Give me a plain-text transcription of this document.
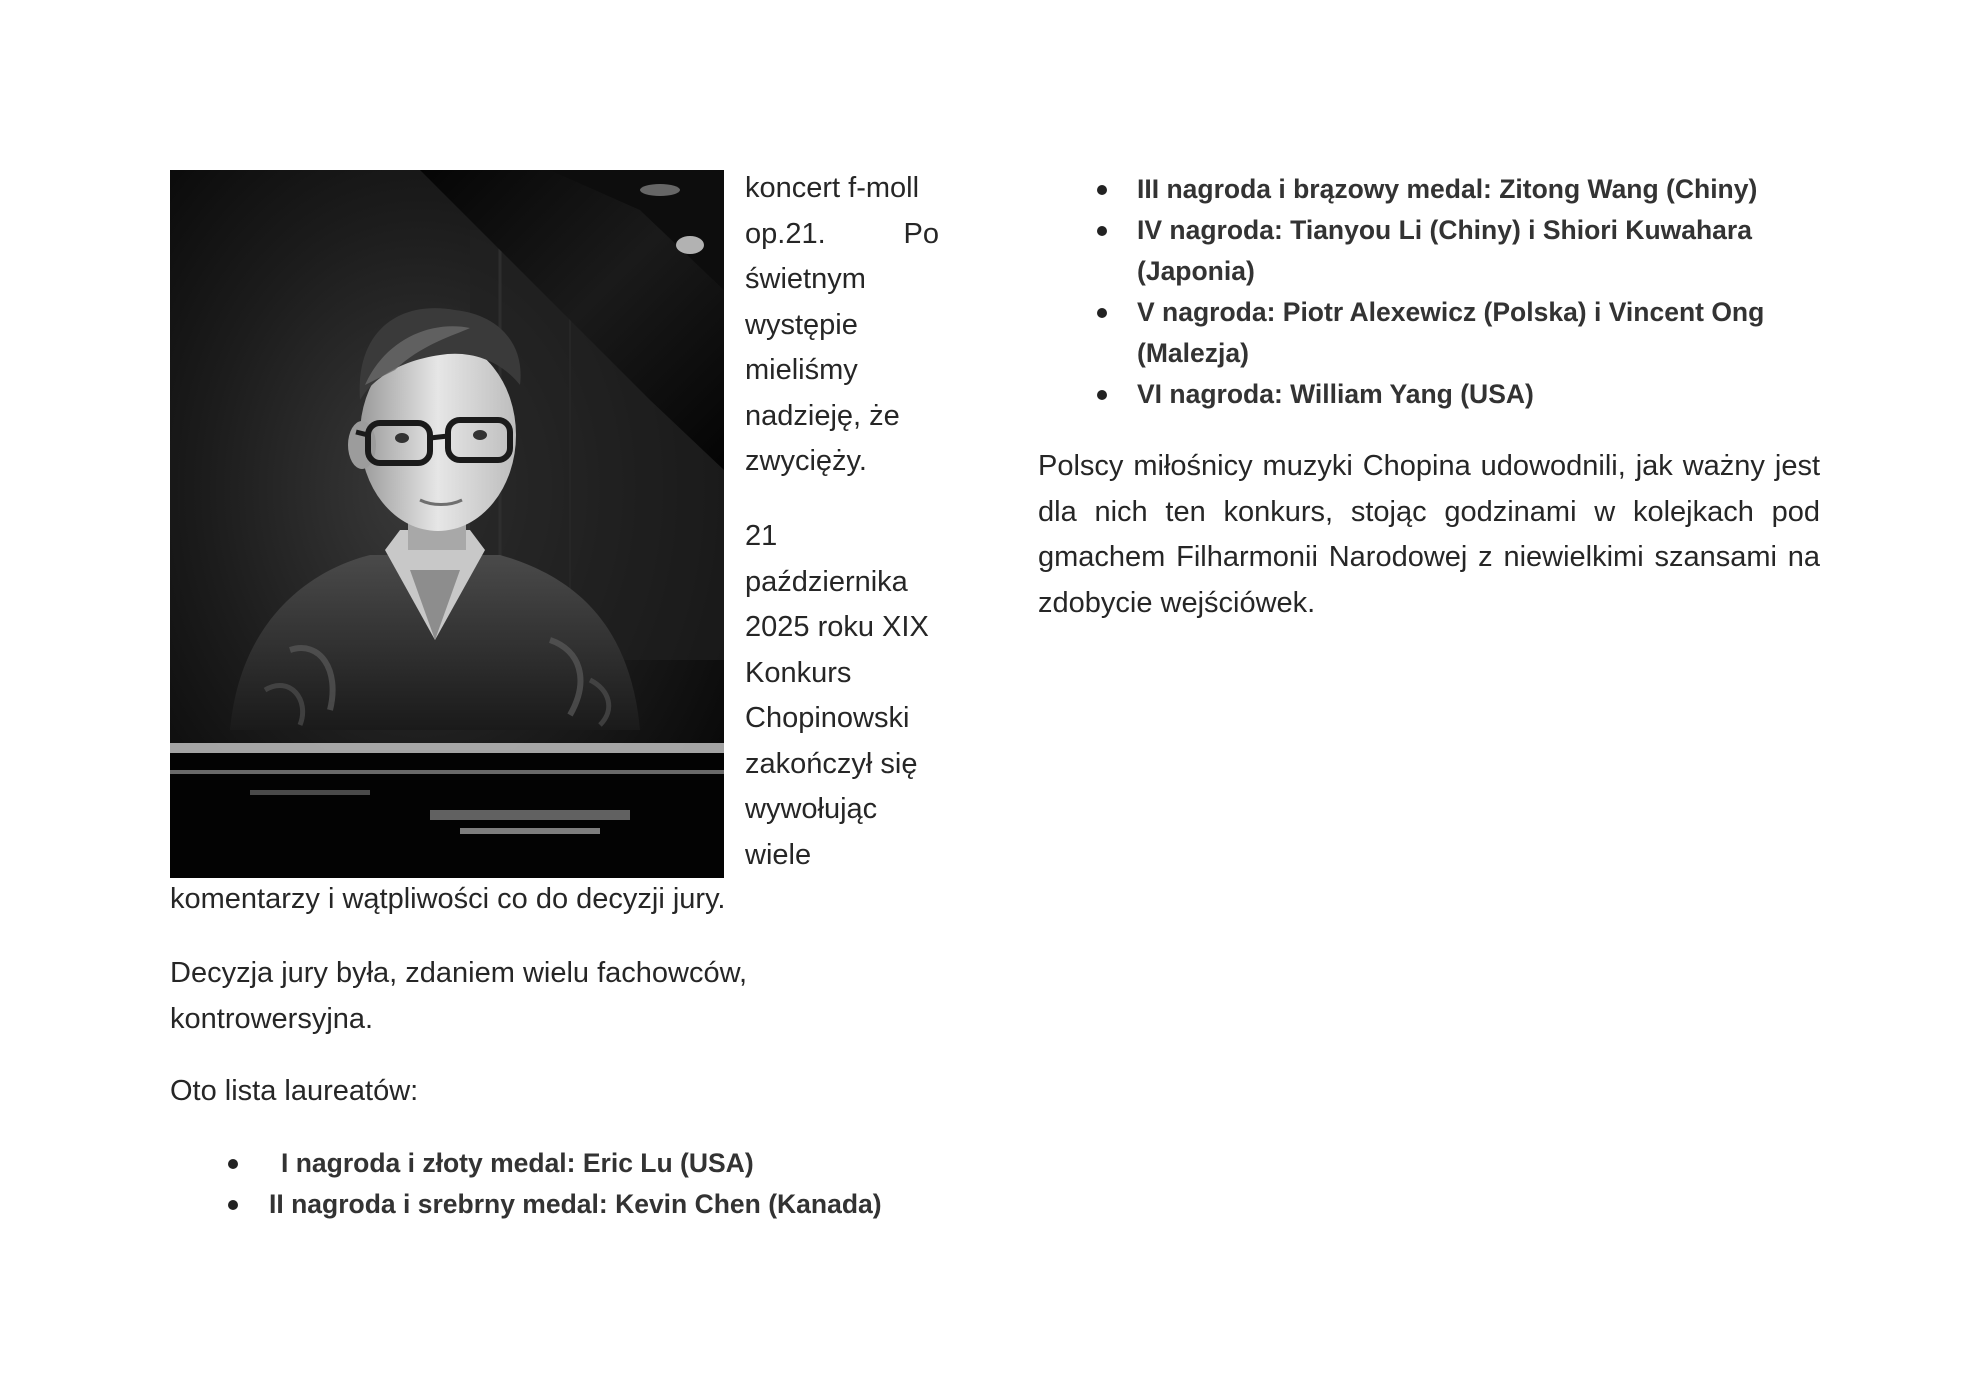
koncert f-moll
op.21.	Po
świetnym
występie
mieliśmy
nadzieję, że
zwycięży.

21
października
2025 roku XIX
Konkurs
Chopinowski
zakończył się
wywołując
wiele

komentarzy i wątpliwości co do decyzji jury.

Decyzja jury była, zdaniem wielu fachowców, kontrowersyjna.

Oto lista laureatów:

I nagroda i złoty medal: Eric Lu (USA)
II nagroda i srebrny medal: Kevin Chen (Kanada)
III nagroda i brązowy medal: Zitong Wang (Chiny)
IV nagroda: Tianyou Li (Chiny) i Shiori Kuwahara (Japonia)
V nagroda: Piotr Alexewicz (Polska) i Vincent Ong (Malezja)
VI nagroda: William Yang (USA)

Polscy miłośnicy muzyki Chopina udowodnili, jak ważny jest dla nich ten konkurs, stojąc godzinami w kolejkach pod gmachem Filharmonii Narodowej z niewielkimi szansami na zdobycie wejściówek.
